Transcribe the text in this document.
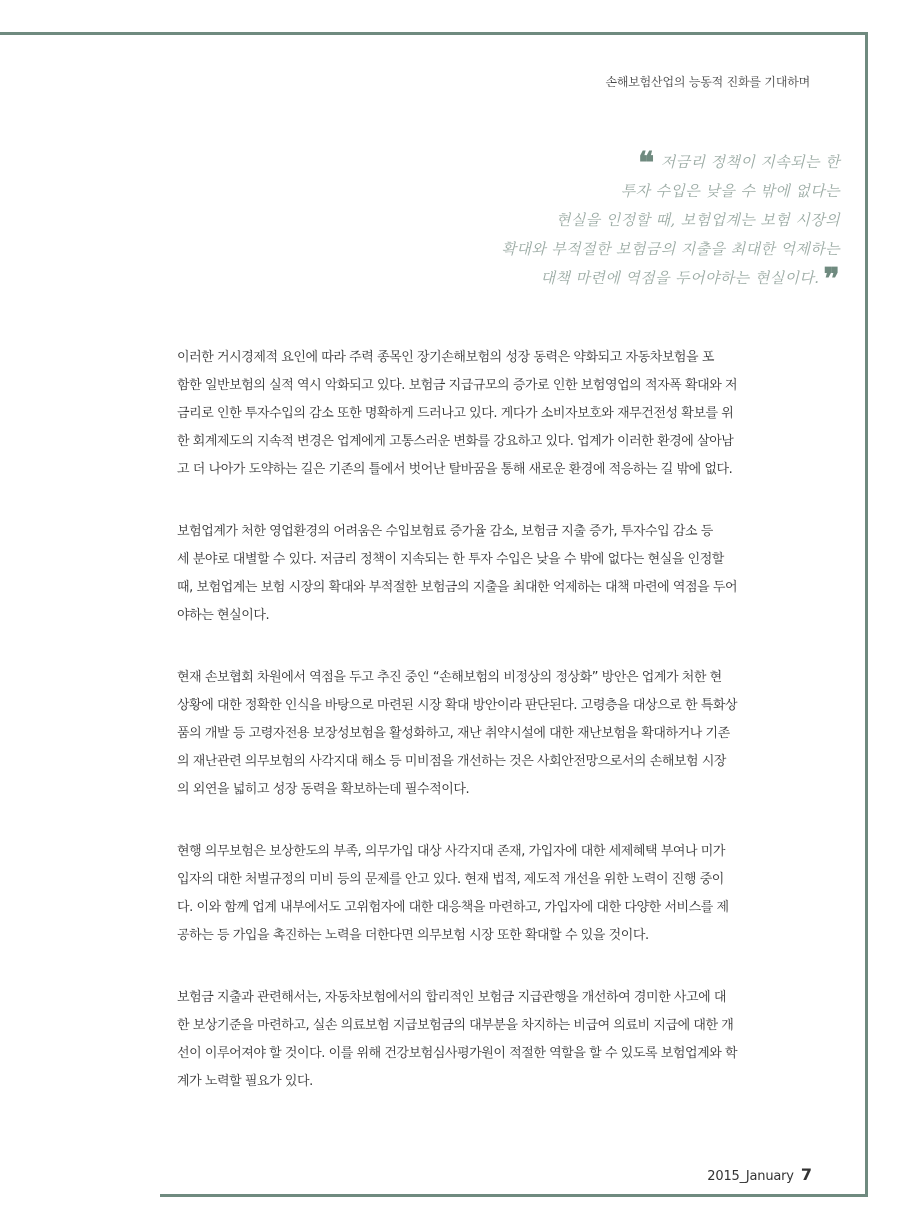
손해보험산업의 능동적 진화를 기대하며
❝ 저금리 정책이 지속되는 한
투자 수입은 낮을 수 밖에 없다는
현실을 인정할 때, 보험업계는 보험 시장의
확대와 부적절한 보험금의 지출을 최대한 억제하는
대책 마련에 역점을 두어야하는 현실이다. ❞
이러한 거시경제적 요인에 따라 주력 종목인 장기손해보험의 성장 동력은 약화되고 자동차보험을 포
함한 일반보험의 실적 역시 악화되고 있다. 보험금 지급규모의 증가로 인한 보험영업의 적자폭 확대와 저
금리로 인한 투자수입의 감소 또한 명확하게 드러나고 있다. 게다가 소비자보호와 재무건전성 확보를 위
한 회계제도의 지속적 변경은 업계에게 고통스러운 변화를 강요하고 있다. 업계가 이러한 환경에 살아남
고 더 나아가 도약하는 길은 기존의 틀에서 벗어난 탈바꿈을 통해 새로운 환경에 적응하는 길 밖에 없다.
보험업계가 처한 영업환경의 어려움은 수입보험료 증가율 감소, 보험금 지출 증가, 투자수입 감소 등
세 분야로 대별할 수 있다. 저금리 정책이 지속되는 한 투자 수입은 낮을 수 밖에 없다는 현실을 인정할
때, 보험업계는 보험 시장의 확대와 부적절한 보험금의 지출을 최대한 억제하는 대책 마련에 역점을 두어
야하는 현실이다.
현재 손보협회 차원에서 역점을 두고 추진 중인 “손해보험의 비정상의 정상화” 방안은 업계가 처한 현
상황에 대한 정확한 인식을 바탕으로 마련된 시장 확대 방안이라 판단된다. 고령층을 대상으로 한 특화상
품의 개발 등 고령자전용 보장성보험을 활성화하고, 재난 취약시설에 대한 재난보험을 확대하거나 기존
의 재난관련 의무보험의 사각지대 해소 등 미비점을 개선하는 것은 사회안전망으로서의 손해보험 시장
의 외연을 넓히고 성장 동력을 확보하는데 필수적이다.
현행 의무보험은 보상한도의 부족, 의무가입 대상 사각지대 존재, 가입자에 대한 세제혜택 부여나 미가
입자의 대한 처벌규정의 미비 등의 문제를 안고 있다. 현재 법적, 제도적 개선을 위한 노력이 진행 중이
다. 이와 함께 업계 내부에서도 고위험자에 대한 대응책을 마련하고, 가입자에 대한 다양한 서비스를 제
공하는 등 가입을 촉진하는 노력을 더한다면 의무보험 시장 또한 확대할 수 있을 것이다.
보험금 지출과 관련해서는, 자동차보험에서의 합리적인 보험금 지급관행을 개선하여 경미한 사고에 대
한 보상기준을 마련하고, 실손 의료보험 지급보험금의 대부분을 차지하는 비급여 의료비 지급에 대한 개
선이 이루어져야 할 것이다. 이를 위해 건강보험심사평가원이 적절한 역할을 할 수 있도록 보험업계와 학
계가 노력할 필요가 있다.
2015_January 7
